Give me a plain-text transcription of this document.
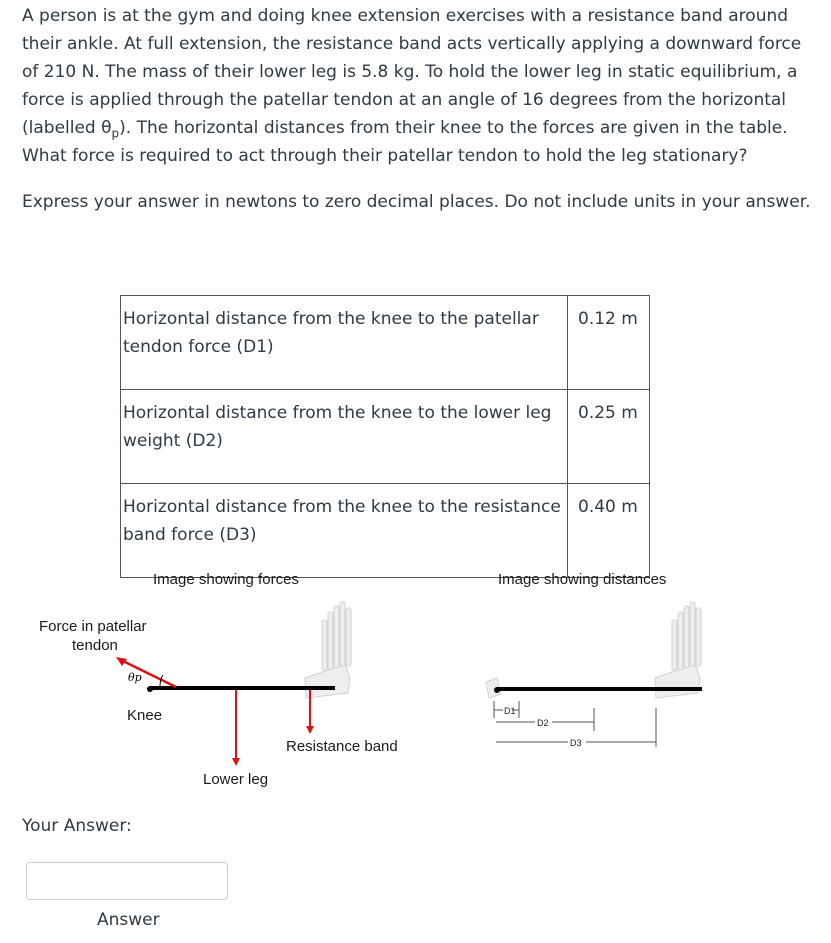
A person is at the gym and doing knee extension exercises with a resistance band around their ankle. At full extension, the resistance band acts vertically applying a downward force of 210 N. The mass of their lower leg is 5.8 kg. To hold the lower leg in static equilibrium, a force is applied through the patellar tendon at an angle of 16 degrees from the horizontal (labelled $\theta_p$). The horizontal distances from their knee to the forces are given in the table. What force is required to act through their patellar tendon to hold the leg stationary?

Express your answer in newtons to zero decimal places. Do not include units in your answer.

Horizontal distance from the knee to the patellar tendon force (D1)	0.12 m
Horizontal distance from the knee to the lower leg weight (D2)	0.25 m
Horizontal distance from the knee to the resistance band force (D3)	0.40 m
Image showing forces	Image showing distances
Force in patellar
tendon
Knee
Resistance band
Lower leg
θp
D1
D2
D3
Your Answer:
Answer
